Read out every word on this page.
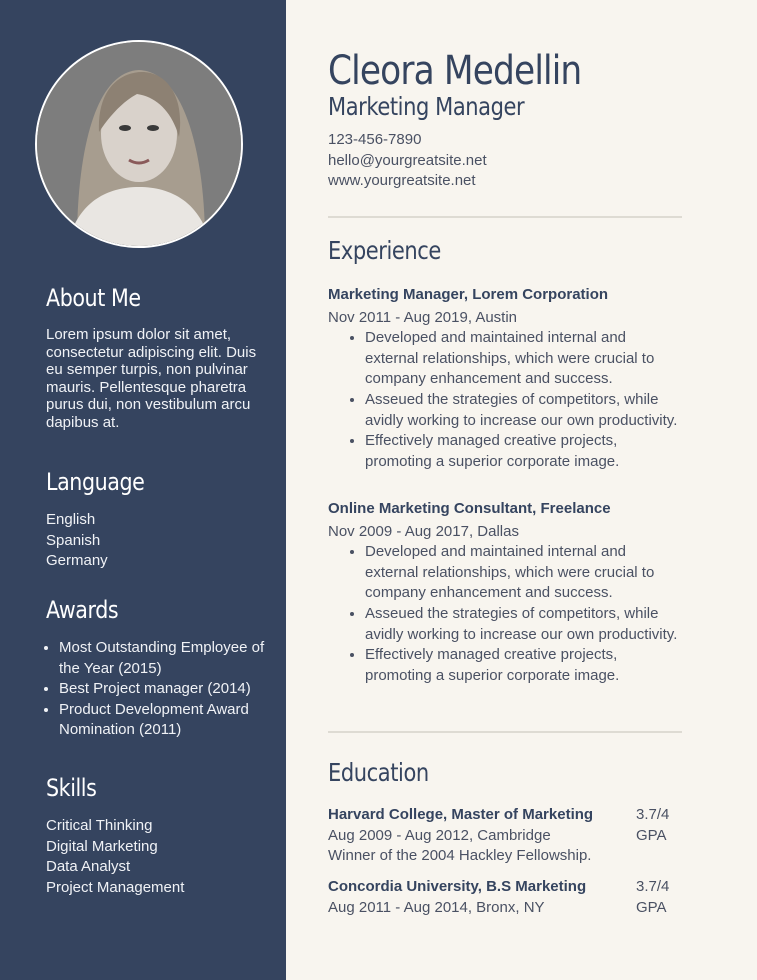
About Me

Lorem ipsum dolor sit amet, consectetur adipiscing elit. Duis eu semper turpis, non pulvinar mauris. Pellentesque pharetra purus dui, non vestibulum arcu dapibus at.

Language
English
Spanish
Germany
Awards
• Most Outstanding Employee of the Year (2015)
• Best Project manager (2014)
• Product Development Award Nomination (2011)
Skills
Critical Thinking
Digital Marketing
Data Analyst
Project Management
Cleora Medellin
Marketing Manager
123-456-7890
hello@yourgreatsite.net
www.yourgreatsite.net
Experience
Marketing Manager, Lorem Corporation
Nov 2011 - Aug 2019, Austin
• Developed and maintained internal and external relationships, which were crucial to company enhancement and success.
• Asseued the strategies of competitors, while avidly working to increase our own productivity.
• Effectively managed creative projects, promoting a superior corporate image.
Online Marketing Consultant, Freelance
Nov 2009 - Aug 2017, Dallas
• Developed and maintained internal and external relationships, which were crucial to company enhancement and success.
• Asseued the strategies of competitors, while avidly working to increase our own productivity.
• Effectively managed creative projects, promoting a superior corporate image.
Education
Harvard College, Master of Marketing
Aug 2009 - Aug 2012, Cambridge
Winner of the 2004 Hackley Fellowship.
3.7/4
GPA
Concordia University, B.S Marketing
Aug 2011 - Aug 2014, Bronx, NY
3.7/4
GPA
